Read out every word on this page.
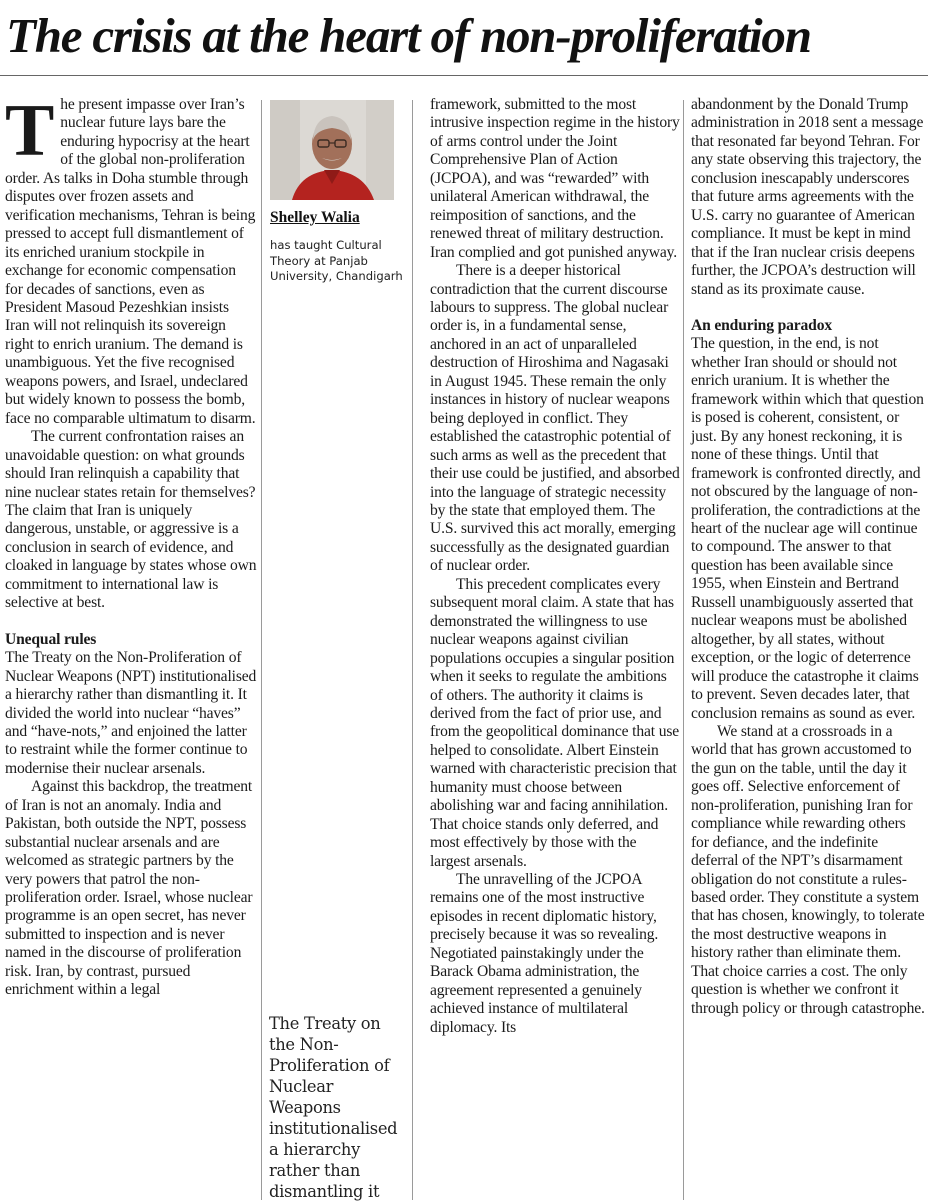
The crisis at the heart of non-proliferation

The present impasse over Iran’s nuclear future lays bare the enduring hypocrisy at the heart of the global non-proliferation order. As talks in Doha stumble through disputes over frozen assets and verification mechanisms, Tehran is being pressed to accept full dismantlement of its enriched uranium stockpile in exchange for economic compensation for decades of sanctions, even as President Masoud Pezeshkian insists Iran will not relinquish its sovereign right to enrich uranium. The demand is unambiguous. Yet the five recognised weapons powers, and Israel, undeclared but widely known to possess the bomb, face no comparable ultimatum to disarm.

The current confrontation raises an unavoidable question: on what grounds should Iran relinquish a capability that nine nuclear states retain for themselves? The claim that Iran is uniquely dangerous, unstable, or aggressive is a conclusion in search of evidence, and cloaked in language by states whose own commitment to international law is selective at best.

Unequal rules

The Treaty on the Non-Proliferation of Nuclear Weapons (NPT) institutionalised a hierarchy rather than dismantling it. It divided the world into nuclear “haves” and “have-nots,” and enjoined the latter to restraint while the former continue to modernise their nuclear arsenals.

Against this backdrop, the treatment of Iran is not an anomaly. India and Pakistan, both outside the NPT, possess substantial nuclear arsenals and are welcomed as strategic partners by the very powers that patrol the non-proliferation order. Israel, whose nuclear programme is an open secret, has never submitted to inspection and is never named in the discourse of proliferation risk. Iran, by contrast, pursued enrichment within a legal

Shelley Walia
has taught Cultural Theory at Panjab University, Chandigarh
The Treaty on the Non-Proliferation of Nuclear Weapons institutionalised a hierarchy rather than dismantling it

framework, submitted to the most intrusive inspection regime in the history of arms control under the Joint Comprehensive Plan of Action (JCPOA), and was “rewarded” with unilateral American withdrawal, the reimposition of sanctions, and the renewed threat of military destruction. Iran complied and got punished anyway.

There is a deeper historical contradiction that the current discourse labours to suppress. The global nuclear order is, in a fundamental sense, anchored in an act of unparalleled destruction of Hiroshima and Nagasaki in August 1945. These remain the only instances in history of nuclear weapons being deployed in conflict. They established the catastrophic potential of such arms as well as the precedent that their use could be justified, and absorbed into the language of strategic necessity by the state that employed them. The U.S. survived this act morally, emerging successfully as the designated guardian of nuclear order.

This precedent complicates every subsequent moral claim. A state that has demonstrated the willingness to use nuclear weapons against civilian populations occupies a singular position when it seeks to regulate the ambitions of others. The authority it claims is derived from the fact of prior use, and from the geopolitical dominance that use helped to consolidate. Albert Einstein warned with characteristic precision that humanity must choose between abolishing war and facing annihilation. That choice stands only deferred, and most effectively by those with the largest arsenals.

The unravelling of the JCPOA remains one of the most instructive episodes in recent diplomatic history, precisely because it was so revealing. Negotiated painstakingly under the Barack Obama administration, the agreement represented a genuinely achieved instance of multilateral diplomacy. Its

abandonment by the Donald Trump administration in 2018 sent a message that resonated far beyond Tehran. For any state observing this trajectory, the conclusion inescapably underscores that future arms agreements with the U.S. carry no guarantee of American compliance. It must be kept in mind that if the Iran nuclear crisis deepens further, the JCPOA’s destruction will stand as its proximate cause.

An enduring paradox

The question, in the end, is not whether Iran should or should not enrich uranium. It is whether the framework within which that question is posed is coherent, consistent, or just. By any honest reckoning, it is none of these things. Until that framework is confronted directly, and not obscured by the language of non-proliferation, the contradictions at the heart of the nuclear age will continue to compound. The answer to that question has been available since 1955, when Einstein and Bertrand Russell unambiguously asserted that nuclear weapons must be abolished altogether, by all states, without exception, or the logic of deterrence will produce the catastrophe it claims to prevent. Seven decades later, that conclusion remains as sound as ever.

We stand at a crossroads in a world that has grown accustomed to the gun on the table, until the day it goes off. Selective enforcement of non-proliferation, punishing Iran for compliance while rewarding others for defiance, and the indefinite deferral of the NPT’s disarmament obligation do not constitute a rules-based order. They constitute a system that has chosen, knowingly, to tolerate the most destructive weapons in history rather than eliminate them. That choice carries a cost. The only question is whether we confront it through policy or through catastrophe.
